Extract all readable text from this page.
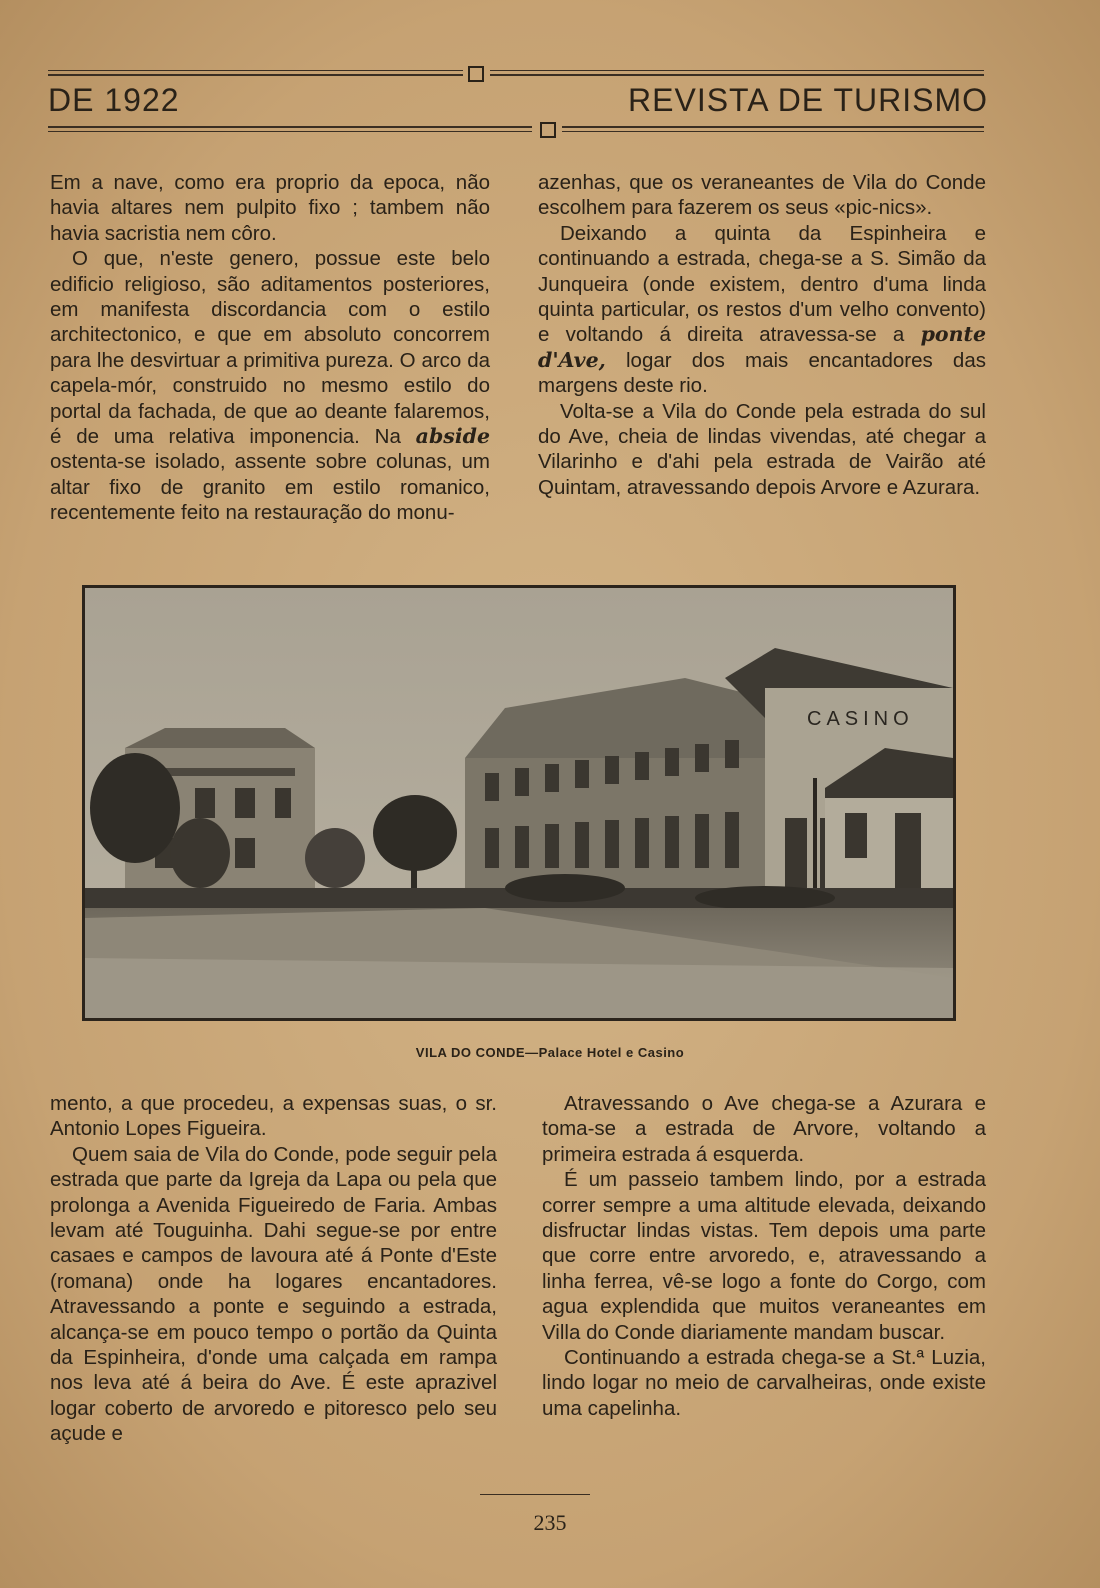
DE 1922	REVISTA DE TURISMO

Em a nave, como era proprio da epoca, não havia altares nem pulpito fixo ; tambem não havia sacristia nem côro.

O que, n'este genero, possue este belo edificio religioso, são aditamentos posteriores, em manifesta discordancia com o estilo architectonico, e que em absoluto concorrem para lhe desvirtuar a primitiva pureza. O arco da capela-mór, construido no mesmo estilo do portal da fachada, de que ao deante falaremos, é de uma relativa imponencia. Na abside ostenta-se isolado, assente sobre colunas, um altar fixo de granito em estilo romanico, recentemente feito na restauração do monu-

azenhas, que os veraneantes de Vila do Conde escolhem para fazerem os seus «pic-nics».

Deixando a quinta da Espinheira e continuando a estrada, chega-se a S. Simão da Junqueira (onde existem, dentro d'uma linda quinta particular, os restos d'um velho convento) e voltando á direita atravessa-se a ponte d'Ave, logar dos mais encantadores das margens deste rio.

Volta-se a Vila do Conde pela estrada do sul do Ave, cheia de lindas vivendas, até chegar a Vilarinho e d'ahi pela estrada de Vairão até Quintam, atravessando depois Arvore e Azurara.

CASINO
VILA DO CONDE—Palace Hotel e Casino

mento, a que procedeu, a expensas suas, o sr. Antonio Lopes Figueira.

Quem saia de Vila do Conde, pode seguir pela estrada que parte da Igreja da Lapa ou pela que prolonga a Avenida Figueiredo de Faria. Ambas levam até Touguinha. Dahi segue-se por entre casaes e campos de lavoura até á Ponte d'Este (romana) onde ha logares encantadores. Atravessando a ponte e seguindo a estrada, alcança-se em pouco tempo o portão da Quinta da Espinheira, d'onde uma calçada em rampa nos leva até á beira do Ave. É este aprazivel logar coberto de arvoredo e pitoresco pelo seu açude e

Atravessando o Ave chega-se a Azurara e toma-se a estrada de Arvore, voltando a primeira estrada á esquerda.

É um passeio tambem lindo, por a estrada correr sempre a uma altitude elevada, deixando disfructar lindas vistas. Tem depois uma parte que corre entre arvoredo, e, atravessando a linha ferrea, vê-se logo a fonte do Corgo, com agua explendida que muitos veraneantes em Villa do Conde diariamente mandam buscar.

Continuando a estrada chega-se a St.ª Luzia, lindo logar no meio de carvalheiras, onde existe uma capelinha.

235
